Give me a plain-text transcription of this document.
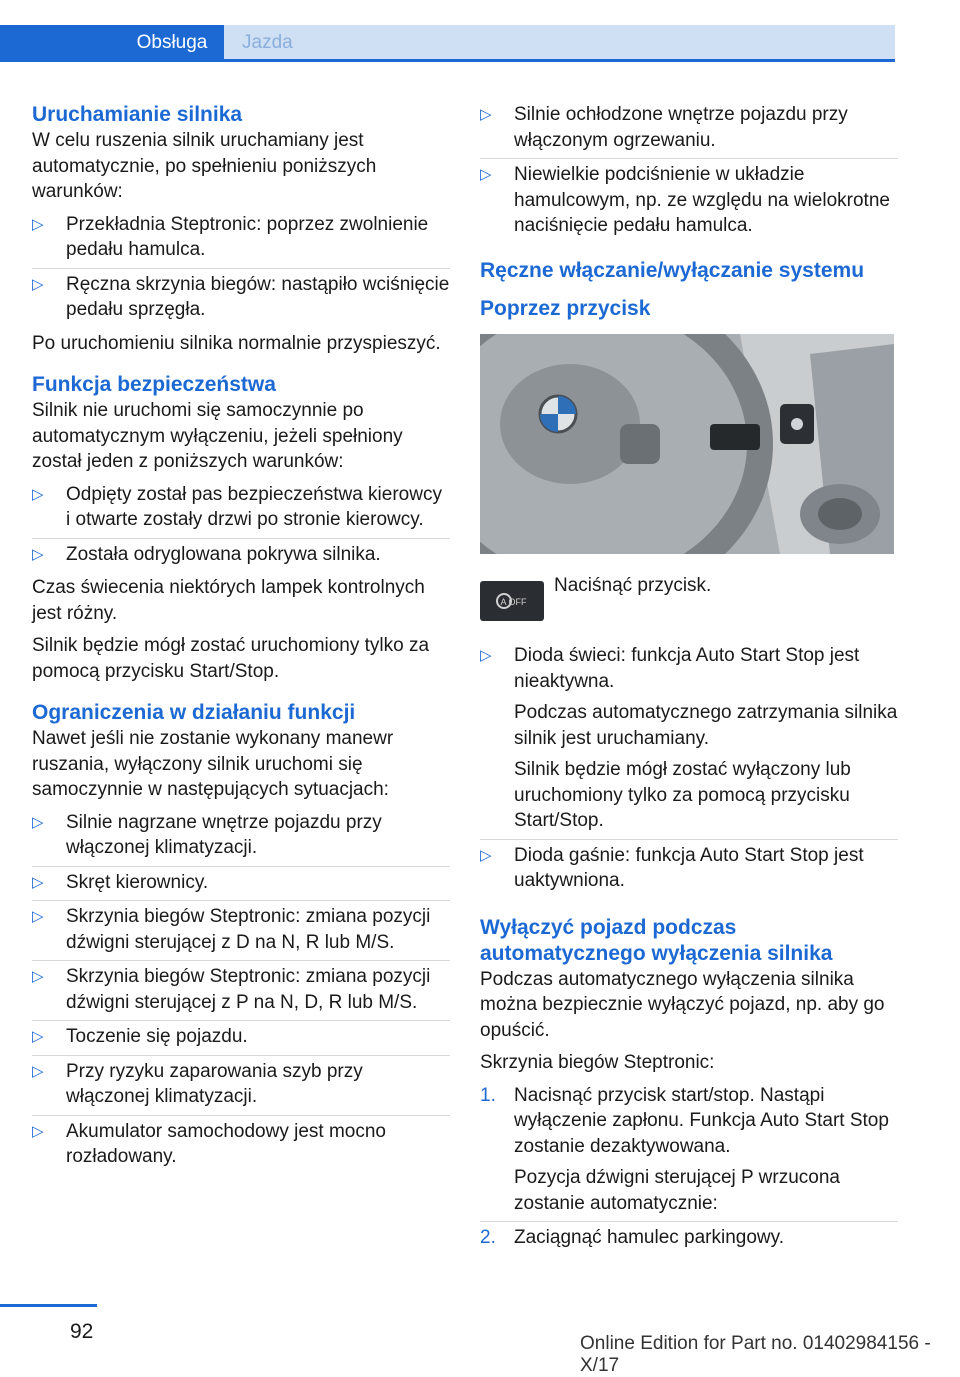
Obsługa	Jazda
Uruchamianie silnika

W celu ruszenia silnik uruchamiany jest automatycznie, po spełnieniu poniższych warunków:

▷ Przekładnia Steptronic: poprzez zwolnienie pedału hamulca.
▷ Ręczna skrzynia biegów: nastąpiło wciśnięcie pedału sprzęgła.

Po uruchomieniu silnika normalnie przyspieszyć.

Funkcja bezpieczeństwa

Silnik nie uruchomi się samoczynnie po automatycznym wyłączeniu, jeżeli spełniony został jeden z poniższych warunków:

▷ Odpięty został pas bezpieczeństwa kierowcy i otwarte zostały drzwi po stronie kierowcy.
▷ Została odryglowana pokrywa silnika.

Czas świecenia niektórych lampek kontrolnych jest różny.

Silnik będzie mógł zostać uruchomiony tylko za pomocą przycisku Start/Stop.

Ograniczenia w działaniu funkcji

Nawet jeśli nie zostanie wykonany manewr ruszania, wyłączony silnik uruchomi się samoczynnie w następujących sytuacjach:

▷ Silnie nagrzane wnętrze pojazdu przy włączonej klimatyzacji.
▷ Skręt kierownicy.
▷ Skrzynia biegów Steptronic: zmiana pozycji dźwigni sterującej z D na N, R lub M/S.
▷ Skrzynia biegów Steptronic: zmiana pozycji dźwigni sterującej z P na N, D, R lub M/S.
▷ Toczenie się pojazdu.
▷ Przy ryzyku zaparowania szyb przy włączonej klimatyzacji.
▷ Akumulator samochodowy jest mocno rozładowany.
▷ Silnie ochłodzone wnętrze pojazdu przy włączonym ogrzewaniu.
▷ Niewielkie podciśnienie w układzie hamulcowym, np. ze względu na wielokrotne naciśnięcie pedału hamulca.
Ręczne włączanie/wyłączanie systemu
Poprzez przycisk
A OFF
Naciśnąć przycisk.
▷ Dioda świeci: funkcja Auto Start Stop jest nieaktywna.
Podczas automatycznego zatrzymania silnika silnik jest uruchamiany.
Silnik będzie mógł zostać wyłączony lub uruchomiony tylko za pomocą przycisku Start/Stop.
▷ Dioda gaśnie: funkcja Auto Start Stop jest uaktywniona.
Wyłączyć pojazd podczas automatycznego wyłączenia silnika

Podczas automatycznego wyłączenia silnika można bezpiecznie wyłączyć pojazd, np. aby go opuścić.

Skrzynia biegów Steptronic:

1. Nacisnąć przycisk start/stop. Nastąpi wyłączenie zapłonu. Funkcja Auto Start Stop zostanie dezaktywowana.
Pozycja dźwigni sterującej P wrzucona zostanie automatycznie:
2. Zaciągnąć hamulec parkingowy.
92
Online Edition for Part no. 01402984156 - X/17
